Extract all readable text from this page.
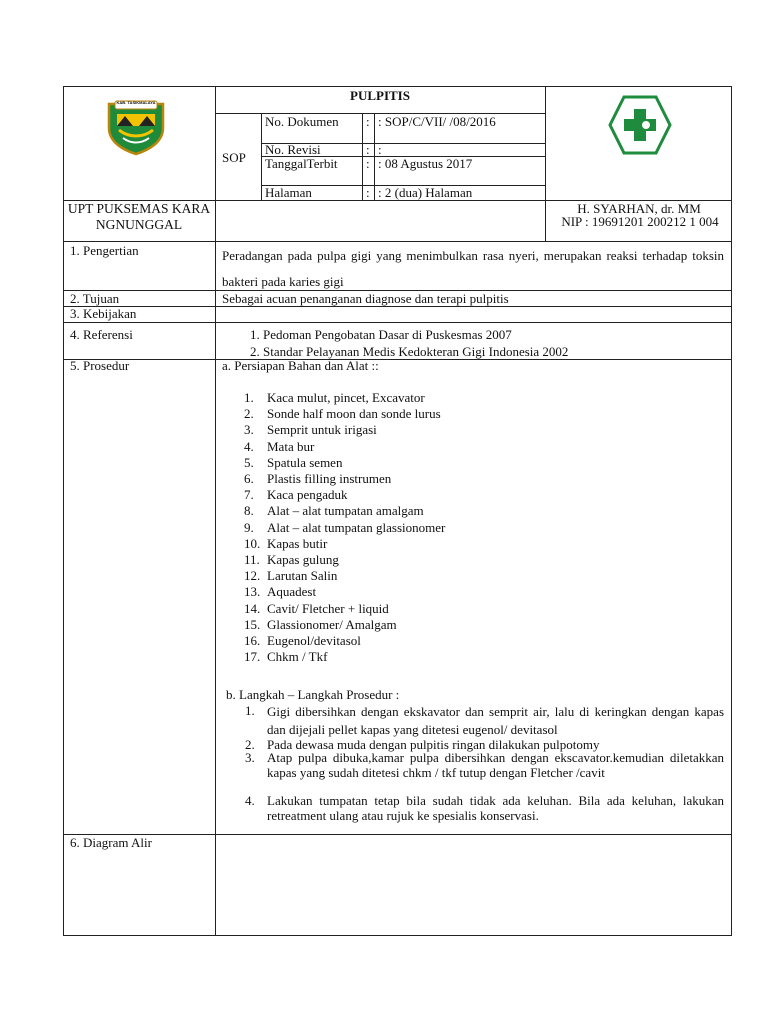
KAB. TASIKMALAYA	PULPITIS
SOP
No. Dokumen	: : SOP/C/VII/ /08/2016
No. Revisi	: :
TanggalTerbit	: : 08 Agustus 2017
Halaman	: : 2 (dua) Halaman
UPT PUKSEMAS KARANGNUNGGAL
H. SYARHAN, dr. MM
NIP : 19691201 200212 1 004
1. Pengertian	Peradangan pada pulpa gigi yang menimbulkan rasa nyeri, merupakan reaksi terhadap toksin bakteri pada karies gigi
2. Tujuan	Sebagai acuan penanganan diagnose dan terapi pulpitis
3. Kebijakan
4. Referensi	1. Pedoman Pengobatan Dasar di Puskesmas 2007
2. Standar Pelayanan Medis Kedokteran Gigi Indonesia 2002
5. Prosedur	a. Persiapan Bahan dan Alat ::
1. Kaca mulut, pincet, Excavator
2. Sonde half moon dan sonde lurus
3. Semprit untuk irigasi
4. Mata bur
5. Spatula semen
6. Plastis filling instrumen
7. Kaca pengaduk
8. Alat – alat tumpatan amalgam
9. Alat – alat tumpatan glassionomer
10. Kapas butir
11. Kapas gulung
12. Larutan Salin
13. Aquadest
14. Cavit/ Fletcher + liquid
15. Glassionomer/ Amalgam
16. Eugenol/devitasol
17. Chkm / Tkf
b. Langkah – Langkah Prosedur :
1. Gigi dibersihkan dengan ekskavator dan semprit air, lalu di keringkan dengan kapas dan dijejali pellet kapas yang ditetesi eugenol/ devitasol
2. Pada dewasa muda dengan pulpitis ringan dilakukan pulpotomy
3. Atap pulpa dibuka,kamar pulpa dibersihkan dengan ekscavator.kemudian diletakkan kapas yang sudah ditetesi chkm / tkf tutup dengan Fletcher /cavit
4. Lakukan tumpatan tetap bila sudah tidak ada keluhan. Bila ada keluhan, lakukan retreatment ulang atau rujuk ke spesialis konservasi.
6. Diagram Alir
